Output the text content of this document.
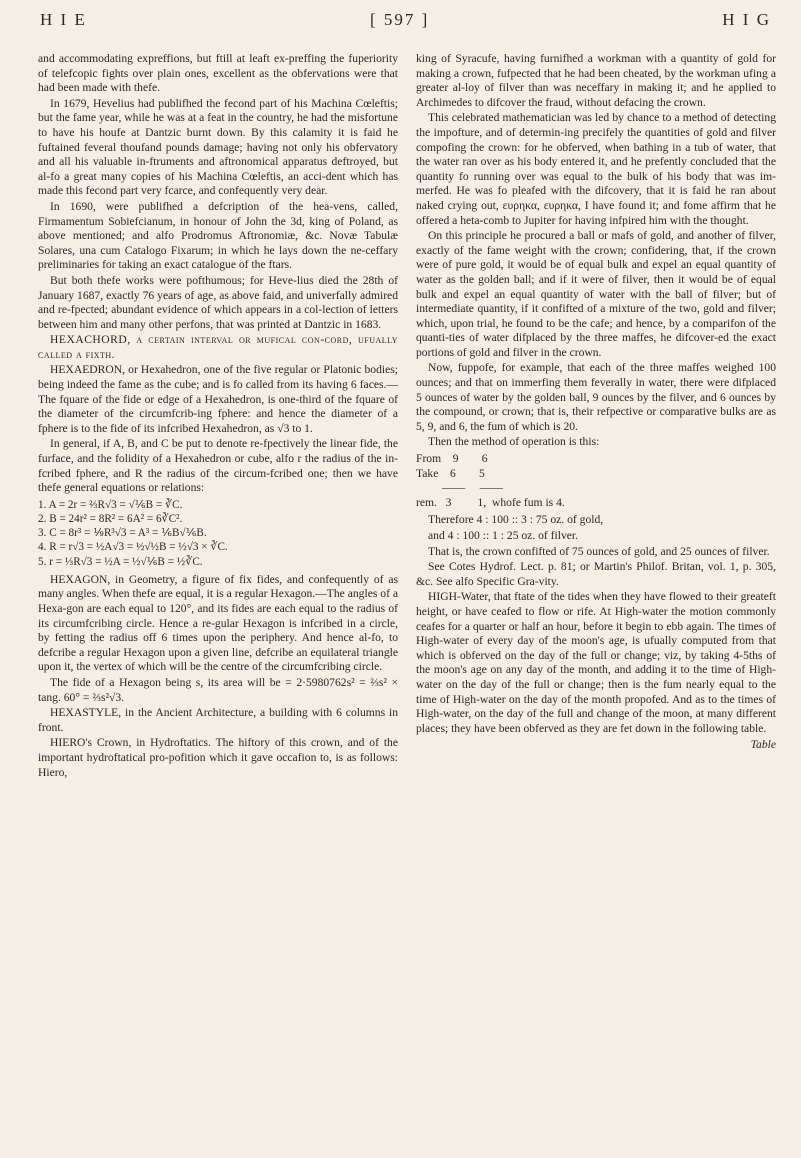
H I E	[ 597 ]	H I G

and accommodating expreffions, but ftill at leaft ex-preffing the fuperiority of telefcopic fights over plain ones, excellent as the obfervations were that had been made with thefe.

In 1679, Hevelius had publifhed the fecond part of his Machina Cœleftis; but the fame year, while he was at a feat in the country, he had the misfortune to have his houfe at Dantzic burnt down. By this calamity it is faid he fuftained feveral thoufand pounds damage; having not only his obfervatory and all his valuable in-ftruments and aftronomical apparatus deftroyed, but al-fo a great many copies of his Machina Cœleftis, an acci-dent which has made this fecond part very fcarce, and confequently very dear.

In 1690, were publifhed a defcription of the hea-vens, called, Firmamentum Sobiefcianum, in honour of John the 3d, king of Poland, as above mentioned; and alfo Prodromus Aftronomiæ, &c. Novæ Tabulæ Solares, una cum Catalogo Fixarum; in which he lays down the ne-ceffary preliminaries for taking an exact catalogue of the ftars.

But both thefe works were pofthumous; for Heve-lius died the 28th of January 1687, exactly 76 years of age, as above faid, and univerfally admired and re-fpected; abundant evidence of which appears in a col-lection of letters between him and many other perfons, that was printed at Dantzic in 1683.

HEXACHORD, a certain interval or mufical con-cord, ufually called a fixth.

HEXAEDRON, or Hexahedron, one of the five regular or Platonic bodies; being indeed the fame as the cube; and is fo called from its having 6 faces.— The fquare of the fide or edge of a Hexahedron, is one-third of the fquare of the diameter of the circumfcrib-ing fphere: and hence the diameter of a fphere is to the fide of its infcribed Hexahedron, as √3 to 1.

In general, if A, B, and C be put to denote re-fpectively the linear fide, the furface, and the folidity of a Hexahedron or cube, alfo r the radius of the in-fcribed fphere, and R the radius of the circum-fcribed one; then we have thefe general equations or relations:

1. A = 2r = ⅔R√3 = √⅙B = ∛C.
2. B = 24r² = 8R² = 6A² = 6∛C².
3. C = 8r³ = ⅑R³√3 = A³ = ⅙B√⅙B.
4. R = r√3 = ½A√3 = ½√½B = ½√3 × ∛C.
5. r = ⅓R√3 = ½A = ½√⅙B = ½∛C.

HEXAGON, in Geometry, a figure of fix fides, and confequently of as many angles. When thefe are equal, it is a regular Hexagon.—The angles of a Hexa-gon are each equal to 120°, and its fides are each equal to the radius of its circumfcribing circle. Hence a re-gular Hexagon is infcribed in a circle, by fetting the radius off 6 times upon the periphery. And hence al-fo, to defcribe a regular Hexagon upon a given line, defcribe an equilateral triangle upon it, the vertex of which will be the centre of the circumfcribing circle.

The fide of a Hexagon being s, its area will be = 2·5980762s² = ⅔s² × tang. 60° = ⅔s²√3.

HEXASTYLE, in the Ancient Architecture, a building with 6 columns in front.

HIERO's Crown, in Hydroftatics. The hiftory of this crown, and of the important hydroftatical pro-pofition which it gave occafion to, is as follows: Hiero,

king of Syracufe, having furnifhed a workman with a quantity of gold for making a crown, fufpected that he had been cheated, by the workman ufing a greater al-loy of filver than was neceffary in making it; and he applied to Archimedes to difcover the fraud, without defacing the crown.

This celebrated mathematician was led by chance to a method of detecting the impofture, and of determin-ing precifely the quantities of gold and filver compofing the crown: for he obferved, when bathing in a tub of water, that the water ran over as his body entered it, and he prefently concluded that the quantity fo running over was equal to the bulk of his body that was im-merfed. He was fo pleafed with the difcovery, that it is faid he ran about naked crying out, ευρηκα, ευρηκα, I have found it; and fome affirm that he offered a heta-comb to Jupiter for having infpired him with the thought.

On this principle he procured a ball or mafs of gold, and another of filver, exactly of the fame weight with the crown; confidering, that, if the crown were of pure gold, it would be of equal bulk and expel an equal quantity of water as the golden ball; and if it were of filver, then it would be of equal bulk and expel an equal quantity of water with the ball of filver; but of intermediate quantity, if it confifted of a mixture of the two, gold and filver; which, upon trial, he found to be the cafe; and hence, by a comparifon of the quanti-ties of water difplaced by the three maffes, he difcover-ed the exact portions of gold and filver in the crown.

Now, fuppofe, for example, that each of the three maffes weighed 100 ounces; and that on immerfing them feverally in water, there were difplaced 5 ounces of water by the golden ball, 9 ounces by the filver, and 6 ounces by the compound, or crown; that is, their refpective or comparative bulks are as 5, 9, and 6, the fum of which is 20.

Then the method of operation is this:

From    9        6
Take    6        5
——     ——
rem.   3         1,  whofe fum is 4.

Therefore 4 : 100 :: 3 : 75 oz. of gold,

and 4 : 100 :: 1 : 25 oz. of filver.

That is, the crown confifted of 75 ounces of gold, and 25 ounces of filver.

See Cotes Hydrof. Lect. p. 81; or Martin's Philof. Britan, vol. 1, p. 305, &c. See alfo Specific Gra-vity.

HIGH-Water, that ftate of the tides when they have flowed to their greateft height, or have ceafed to flow or rife. At High-water the motion commonly ceafes for a quarter or half an hour, before it begin to ebb again. The times of High-water of every day of the moon's age, is ufually computed from that which is obferved on the day of the full or change; viz, by taking 4-5ths of the moon's age on any day of the month, and adding it to the time of High-water on the day of the full or change; then is the fum nearly equal to the time of High-water on the day of the month propofed. And as to the times of High-water, on the day of the full and change of the moon, at many different places; they have been obferved as they are fet down in the following table.

Table
